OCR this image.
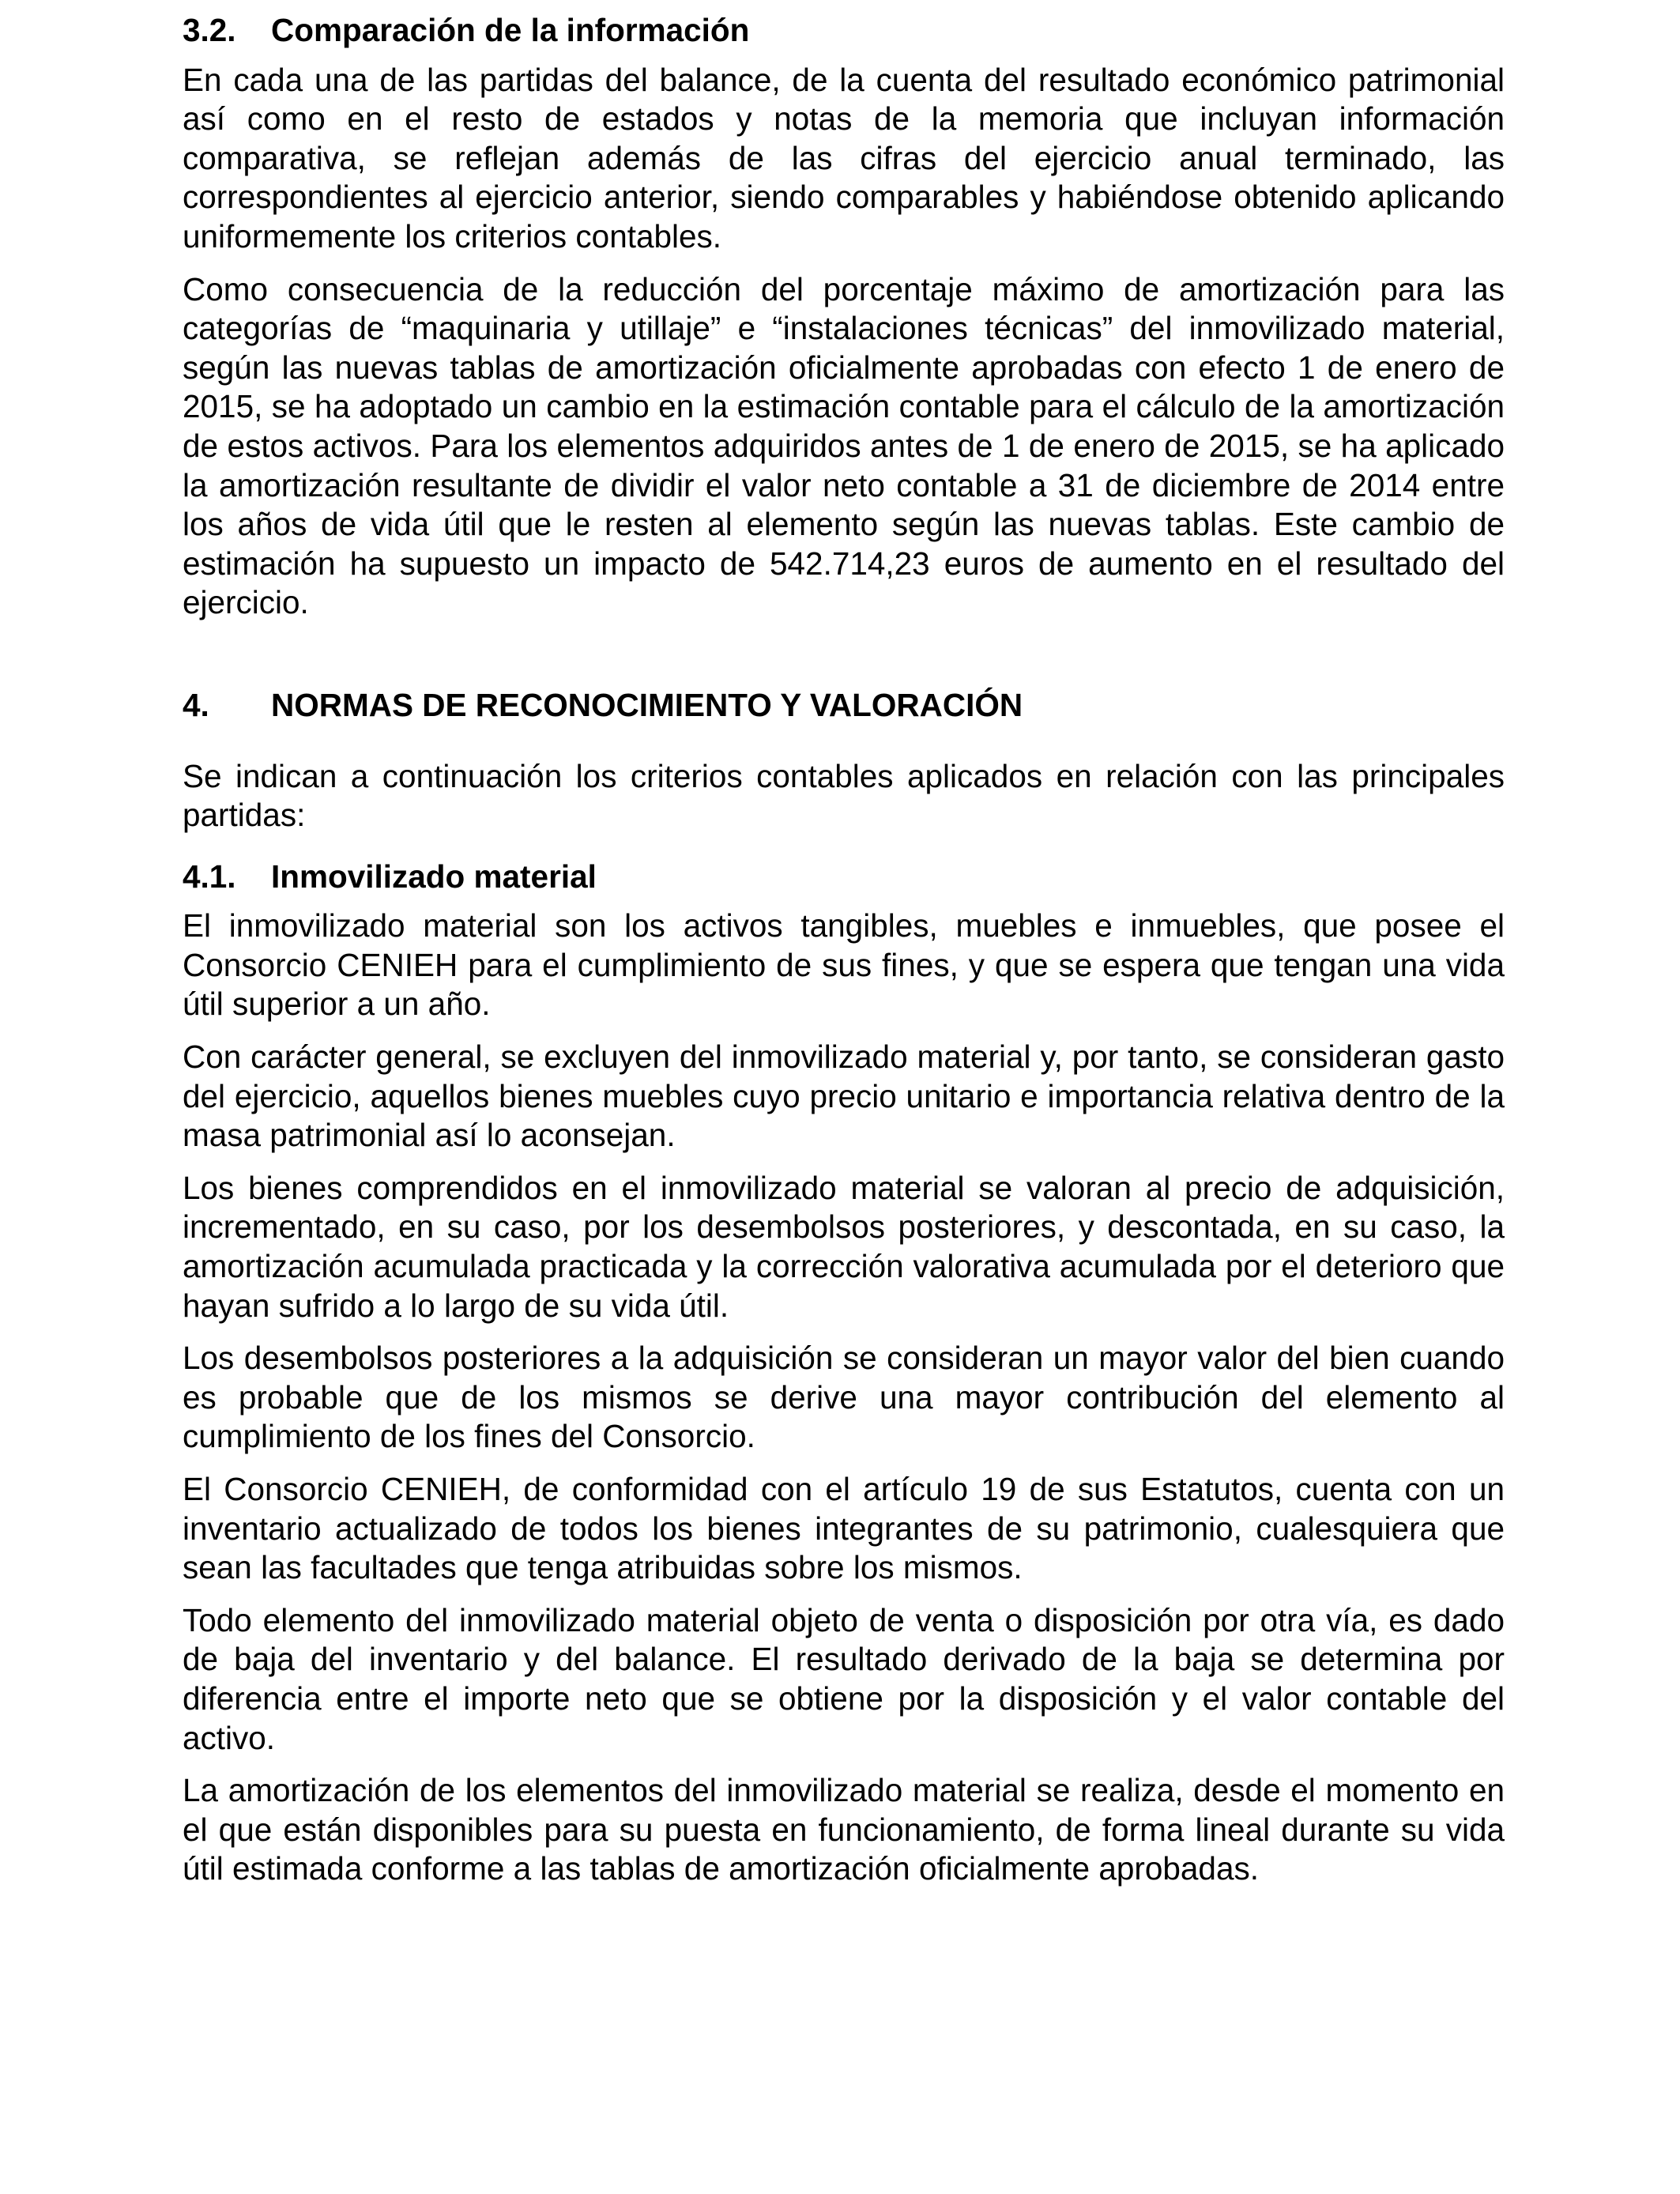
3.2.	Comparación de la información

En cada una de las partidas del balance, de la cuenta del resultado económico patrimonial así como en el resto de estados y notas de la memoria que incluyan información comparativa, se reflejan además de las cifras del ejercicio anual terminado, las correspondientes al ejercicio anterior, siendo comparables y habiéndose obtenido aplicando uniformemente los criterios contables.

Como consecuencia de la reducción del porcentaje máximo de amortización para las categorías de “maquinaria y utillaje” e “instalaciones técnicas” del inmovilizado material, según las nuevas tablas de amortización oficialmente aprobadas con efecto 1 de enero de 2015, se ha adoptado un cambio en la estimación contable para el cálculo de la amortización de estos activos. Para los elementos adquiridos antes de 1 de enero de 2015, se ha aplicado la amortización resultante de dividir el valor neto contable a 31 de diciembre de 2014 entre los años de vida útil que le resten al elemento según las nuevas tablas. Este cambio de estimación ha supuesto un impacto de 542.714,23 euros de aumento en el resultado del ejercicio.

4.	NORMAS DE RECONOCIMIENTO Y VALORACIÓN

Se indican a continuación los criterios contables aplicados en relación con las principales partidas:

4.1.	Inmovilizado material

El inmovilizado material son los activos tangibles, muebles e inmuebles, que posee el Consorcio CENIEH para el cumplimiento de sus fines, y que se espera que tengan una vida útil superior a un año.

Con carácter general, se excluyen del inmovilizado material y, por tanto, se consideran gasto del ejercicio, aquellos bienes muebles cuyo precio unitario e importancia relativa dentro de la masa patrimonial así lo aconsejan.

Los bienes comprendidos en el inmovilizado material se valoran al precio de adquisición, incrementado, en su caso, por los desembolsos posteriores, y descontada, en su caso, la amortización acumulada practicada y la corrección valorativa acumulada por el deterioro que hayan sufrido a lo largo de su vida útil.

Los desembolsos posteriores a la adquisición se consideran un mayor valor del bien cuando es probable que de los mismos se derive una mayor contribución del elemento al cumplimiento de los fines del Consorcio.

El Consorcio CENIEH, de conformidad con el artículo 19 de sus Estatutos, cuenta con un inventario actualizado de todos los bienes integrantes de su patrimonio, cualesquiera que sean las facultades que tenga atribuidas sobre los mismos.

Todo elemento del inmovilizado material objeto de venta o disposición por otra vía, es dado de baja del inventario y del balance. El resultado derivado de la baja se determina por diferencia entre el importe neto que se obtiene por la disposición y el valor contable del activo.

La amortización de los elementos del inmovilizado material se realiza, desde el momento en el que están disponibles para su puesta en funcionamiento, de forma lineal durante su vida útil estimada conforme a las tablas de amortización oficialmente aprobadas.
